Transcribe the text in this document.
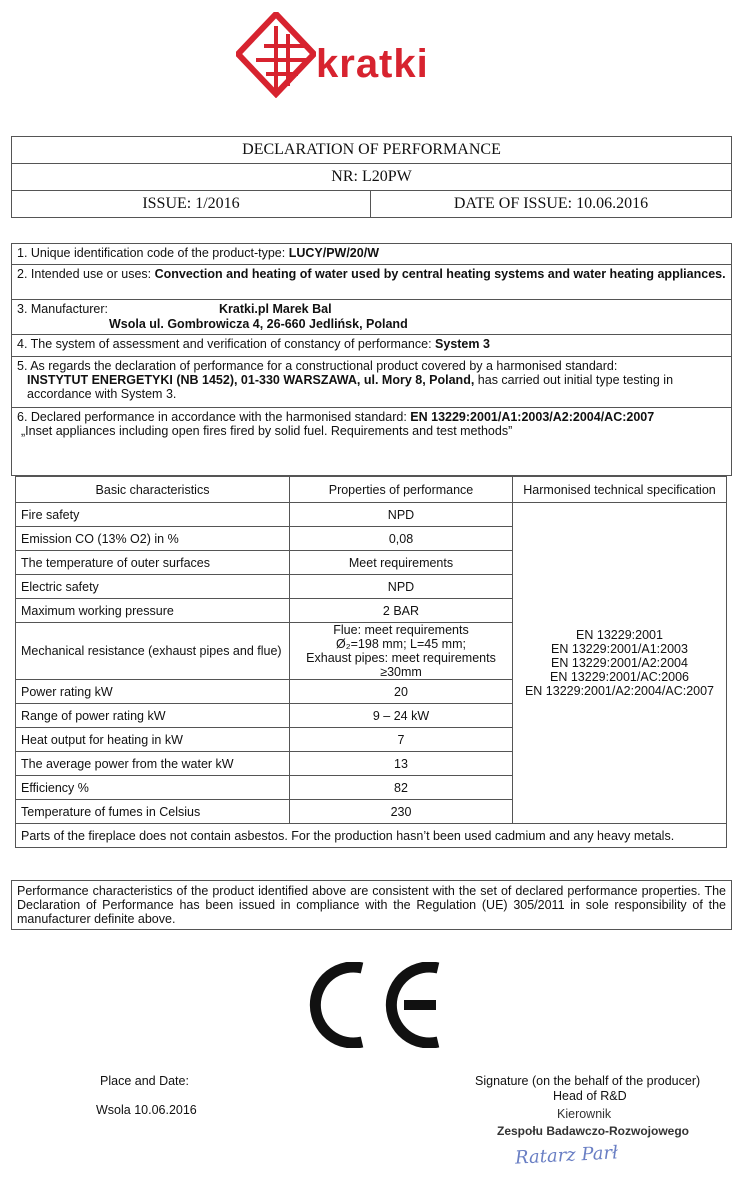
kratki
DECLARATION OF PERFORMANCE
NR: L20PW
ISSUE: 1/2016	DATE OF ISSUE: 10.06.2016
1. Unique identification code of the product-type: LUCY/PW/20/W
2. Intended use or uses: Convection and heating of water used by central heating systems and water heating appliances.
3. Manufacturer:	Kratki.pl Marek Bal
Wsola ul. Gombrowicza 4, 26-660 Jedlińsk, Poland
4. The system of assessment and verification of constancy of performance: System 3
5. As regards the declaration of performance for a constructional product covered by a harmonised standard:
INSTYTUT ENERGETYKI (NB 1452), 01-330 WARSZAWA, ul. Mory 8, Poland, has carried out initial type testing in accordance with System 3.
6. Declared performance in accordance with the harmonised standard: EN 13229:2001/A1:2003/A2:2004/AC:2007
„Inset appliances including open fires fired by solid fuel. Requirements and test methods”
Basic characteristics	Properties of performance	Harmonised technical specification
Fire safety	NPD	EN 13229:2001
EN 13229:2001/A1:2003
EN 13229:2001/A2:2004
EN 13229:2001/AC:2006
EN 13229:2001/A2:2004/AC:2007
Emission CO (13% O2) in %	0,08	
The temperature of outer surfaces	Meet requirements	
Electric safety	NPD	
Maximum working pressure	2 BAR	
Mechanical resistance (exhaust pipes and flue)	Flue: meet requirements
Ø₂=198 mm; L=45 mm;
Exhaust pipes: meet requirements
≥30mm	
Power rating kW	20	
Range of power rating kW	9 – 24 kW	
Heat output for heating in kW	7	
The average power from the water kW	13	
Efficiency %	82	
Temperature of fumes in Celsius	230	
Parts of the fireplace does not contain asbestos. For the production hasn’t been used cadmium and any heavy metals.		
Performance characteristics of the product identified above are consistent with the set of declared performance properties. The Declaration of Performance has been issued in compliance with the Regulation (UE) 305/2011 in sole responsibility of the manufacturer definite above.
Place and Date:
Wsola 10.06.2016
Signature (on the behalf of the producer)
Head of R&D
Kierownik
Zespołu Badawczo-Rozwojowego
Ratarz Parł
